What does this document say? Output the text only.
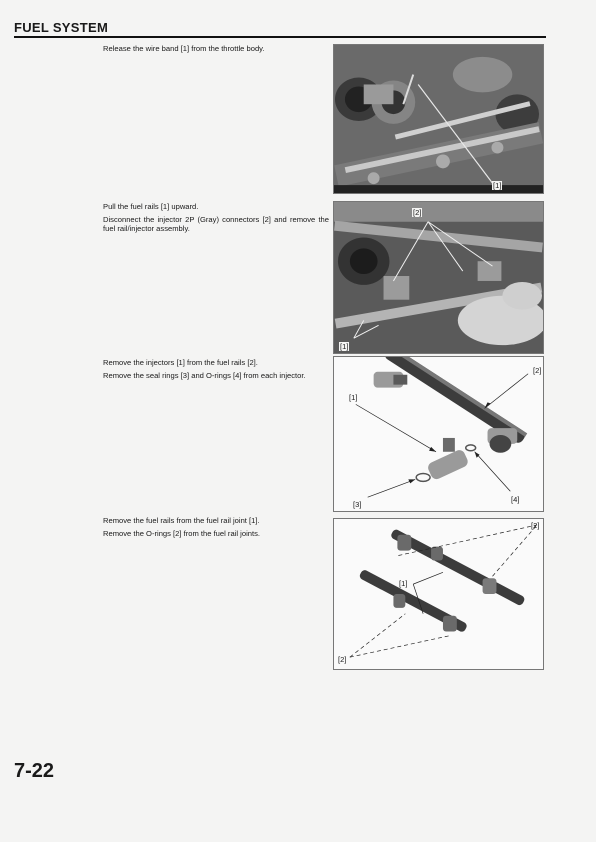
FUEL SYSTEM

Release the wire band [1] from the throttle body.

[1]

Pull the fuel rails [1] upward.

Disconnect the injector 2P (Gray) connectors [2] and remove the fuel rail/injector assembly.

[2]
[1]

Remove the injectors [1] from the fuel rails [2].

Remove the seal rings [3] and O-rings [4] from each injector.

[2]
[1]
[3]
[4]

Remove the fuel rails from the fuel rail joint [1].

Remove the O-rings [2] from the fuel rail joints.

[2]
[1]
[2]
7-22
